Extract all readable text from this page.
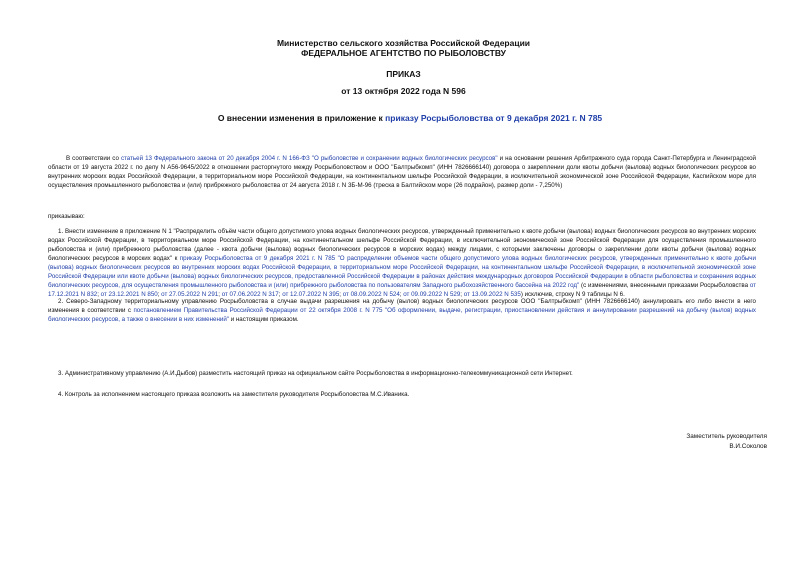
Министерство сельского хозяйства Российской Федерации
ФЕДЕРАЛЬНОЕ АГЕНТСТВО ПО РЫБОЛОВСТВУ
ПРИКАЗ
от 13 октября 2022 года N 596
О внесении изменения в приложение к приказу Росрыболовства от 9 декабря 2021 г. N 785
В соответствии со статьей 13 Федерального закона от 20 декабря 2004 г. N 166-ФЗ "О рыболовстве и сохранении водных биологических ресурсов" и на основании решения Арбитражного суда города Санкт-Петербурга и Ленинградской области от 19 августа 2022 г. по делу N А56-9645/2022 в отношении расторгнутого между Росрыболовством и ООО "Балтрыбкомп" (ИНН 7826666140) договора о закреплении доли квоты добычи (вылова) водных биологических ресурсов во внутренних морских водах Российской Федерации, в территориальном море Российской Федерации, на континентальном шельфе Российской Федерации, в исключительной экономической зоне Российской Федерации, Каспийском море для осуществления промышленного рыболовства и (или) прибрежного рыболовства от 24 августа 2018 г. N 3Б-М-96 (треска в Балтийском море (26 подрайон), размер доли - 7,250%)
приказываю:
1. Внести изменение в приложение N 1 "Распределить объём части общего допустимого улова водных биологических ресурсов, утвержденный применительно к квоте добычи (вылова) водных биологических ресурсов во внутренних морских водах Российской Федерации, в территориальном море Российской Федерации, на континентальном шельфе Российской Федерации, в исключительной экономической зоне Российской Федерации для осуществления промышленного рыболовства и (или) прибрежного рыболовства (далее - квота добычи (вылова) водных биологических ресурсов в морских водах) между лицами, с которыми заключены договоры о закреплении доли квоты добычи (вылова) водных биологических ресурсов в морских водах" к приказу Росрыболовства от 9 декабря 2021 г. N 785 "О распределении объемов части общего допустимого улова водных биологических ресурсов, утвержденных применительно к квоте добычи (вылова) водных биологических ресурсов во внутренних морских водах Российской Федерации, в территориальном море Российской Федерации, на континентальном шельфе Российской Федерации, в исключительной экономической зоне Российской Федерации или квоте добычи (вылова) водных биологических ресурсов, предоставленной Российской Федерации в районах действия международных договоров Российской Федерации в области рыболовства и сохранения водных биологических ресурсов, для осуществления промышленного рыболовства и (или) прибрежного рыболовства по пользователям Западного рыбохозяйственного бассейна на 2022 год" (с изменениями, внесенными приказами Росрыболовства от 17.12.2021 N 832; от 23.12.2021 N 850; от 27.05.2022 N 291; от 07.06.2022 N 317; от 12.07.2022 N 395; от 08.09.2022 N 524; от 09.09.2022 N 529; от 13.09.2022 N 535) исключив, строку N 9 таблицы N 6.
2. Северо-Западному территориальному управлению Росрыболовства в случае выдачи разрешения на добычу (вылов) водных биологических ресурсов ООО "Балтрыбкомп" (ИНН 7826666140) аннулировать его либо внести в него изменения в соответствии с постановлением Правительства Российской Федерации от 22 октября 2008 г. N 775 "Об оформлении, выдаче, регистрации, приостановлении действия и аннулировании разрешений на добычу (вылов) водных биологических ресурсов, а также о внесении в них изменений" и настоящим приказом.
3. Административному управлению (А.И.Дыбов) разместить настоящий приказ на официальном сайте Росрыболовства в информационно-телекоммуникационной сети Интернет.
4. Контроль за исполнением настоящего приказа возложить на заместителя руководителя Росрыболовства М.С.Иваника.
Заместитель руководителя
В.И.Соколов
